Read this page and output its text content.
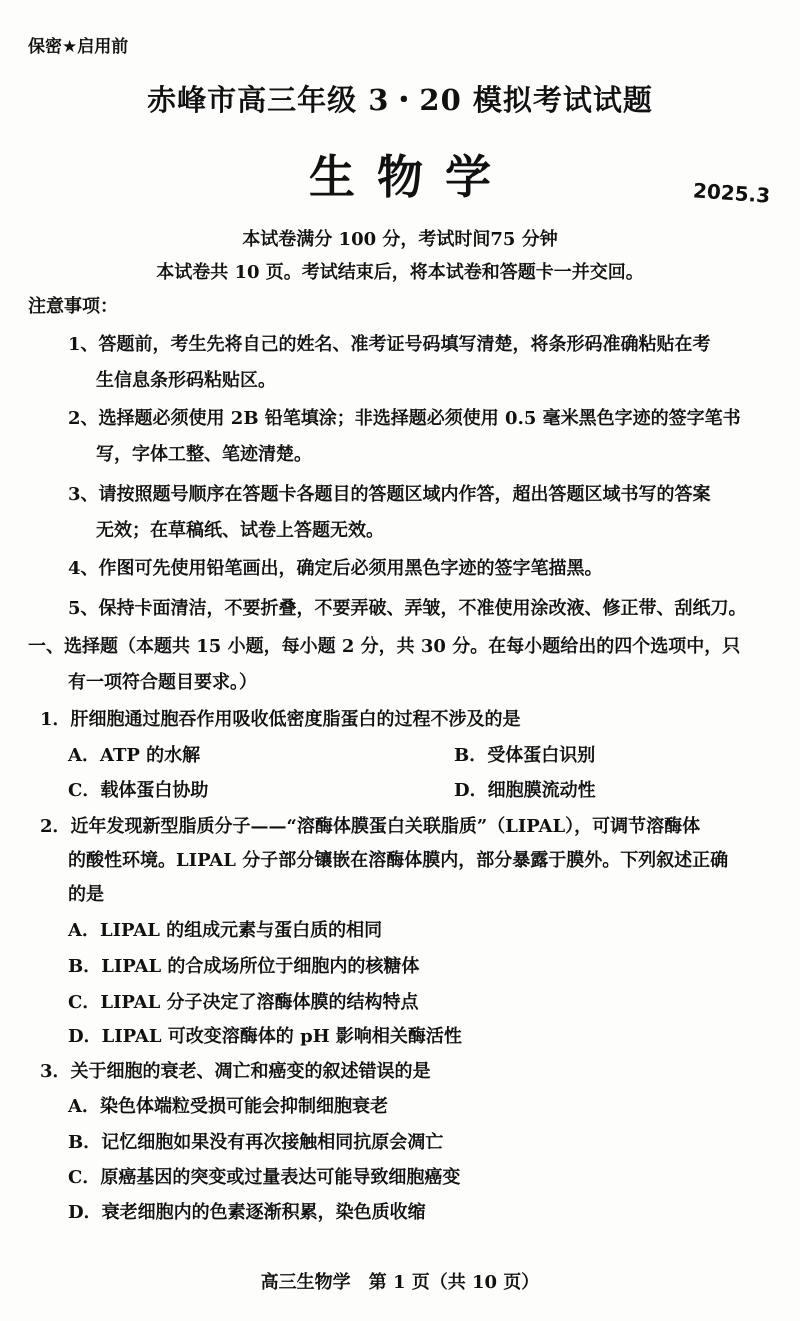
保密★启用前
赤峰市高三年级 3・20 模拟考试试题
生物学	2025.3
本试卷满分 100 分，考试时间75 分钟
本试卷共 10 页。考试结束后，将本试卷和答题卡一并交回。
注意事项：
1、答题前，考生先将自己的姓名、准考证号码填写清楚，将条形码准确粘贴在考
生信息条形码粘贴区。
2、选择题必须使用 2B 铅笔填涂；非选择题必须使用 0.5 毫米黑色字迹的签字笔书
写，字体工整、笔迹清楚。
3、请按照题号顺序在答题卡各题目的答题区域内作答，超出答题区域书写的答案
无效；在草稿纸、试卷上答题无效。
4、作图可先使用铅笔画出，确定后必须用黑色字迹的签字笔描黑。
5、保持卡面清洁，不要折叠，不要弄破、弄皱，不准使用涂改液、修正带、刮纸刀。
一、选择题（本题共 15 小题，每小题 2 分，共 30 分。在每小题给出的四个选项中，只
有一项符合题目要求。）
1．肝细胞通过胞吞作用吸收低密度脂蛋白的过程不涉及的是
A．ATP 的水解	B．受体蛋白识别
C．载体蛋白协助	D．细胞膜流动性
2．近年发现新型脂质分子——“溶酶体膜蛋白关联脂质”（LIPAL），可调节溶酶体
的酸性环境。LIPAL 分子部分镶嵌在溶酶体膜内，部分暴露于膜外。下列叙述正确
的是
A．LIPAL 的组成元素与蛋白质的相同
B．LIPAL 的合成场所位于细胞内的核糖体
C．LIPAL 分子决定了溶酶体膜的结构特点
D．LIPAL 可改变溶酶体的 pH 影响相关酶活性
3．关于细胞的衰老、凋亡和癌变的叙述错误的是
A．染色体端粒受损可能会抑制细胞衰老
B．记忆细胞如果没有再次接触相同抗原会凋亡
C．原癌基因的突变或过量表达可能导致细胞癌变
D．衰老细胞内的色素逐渐积累，染色质收缩
高三生物学　第 1 页（共 10 页）
